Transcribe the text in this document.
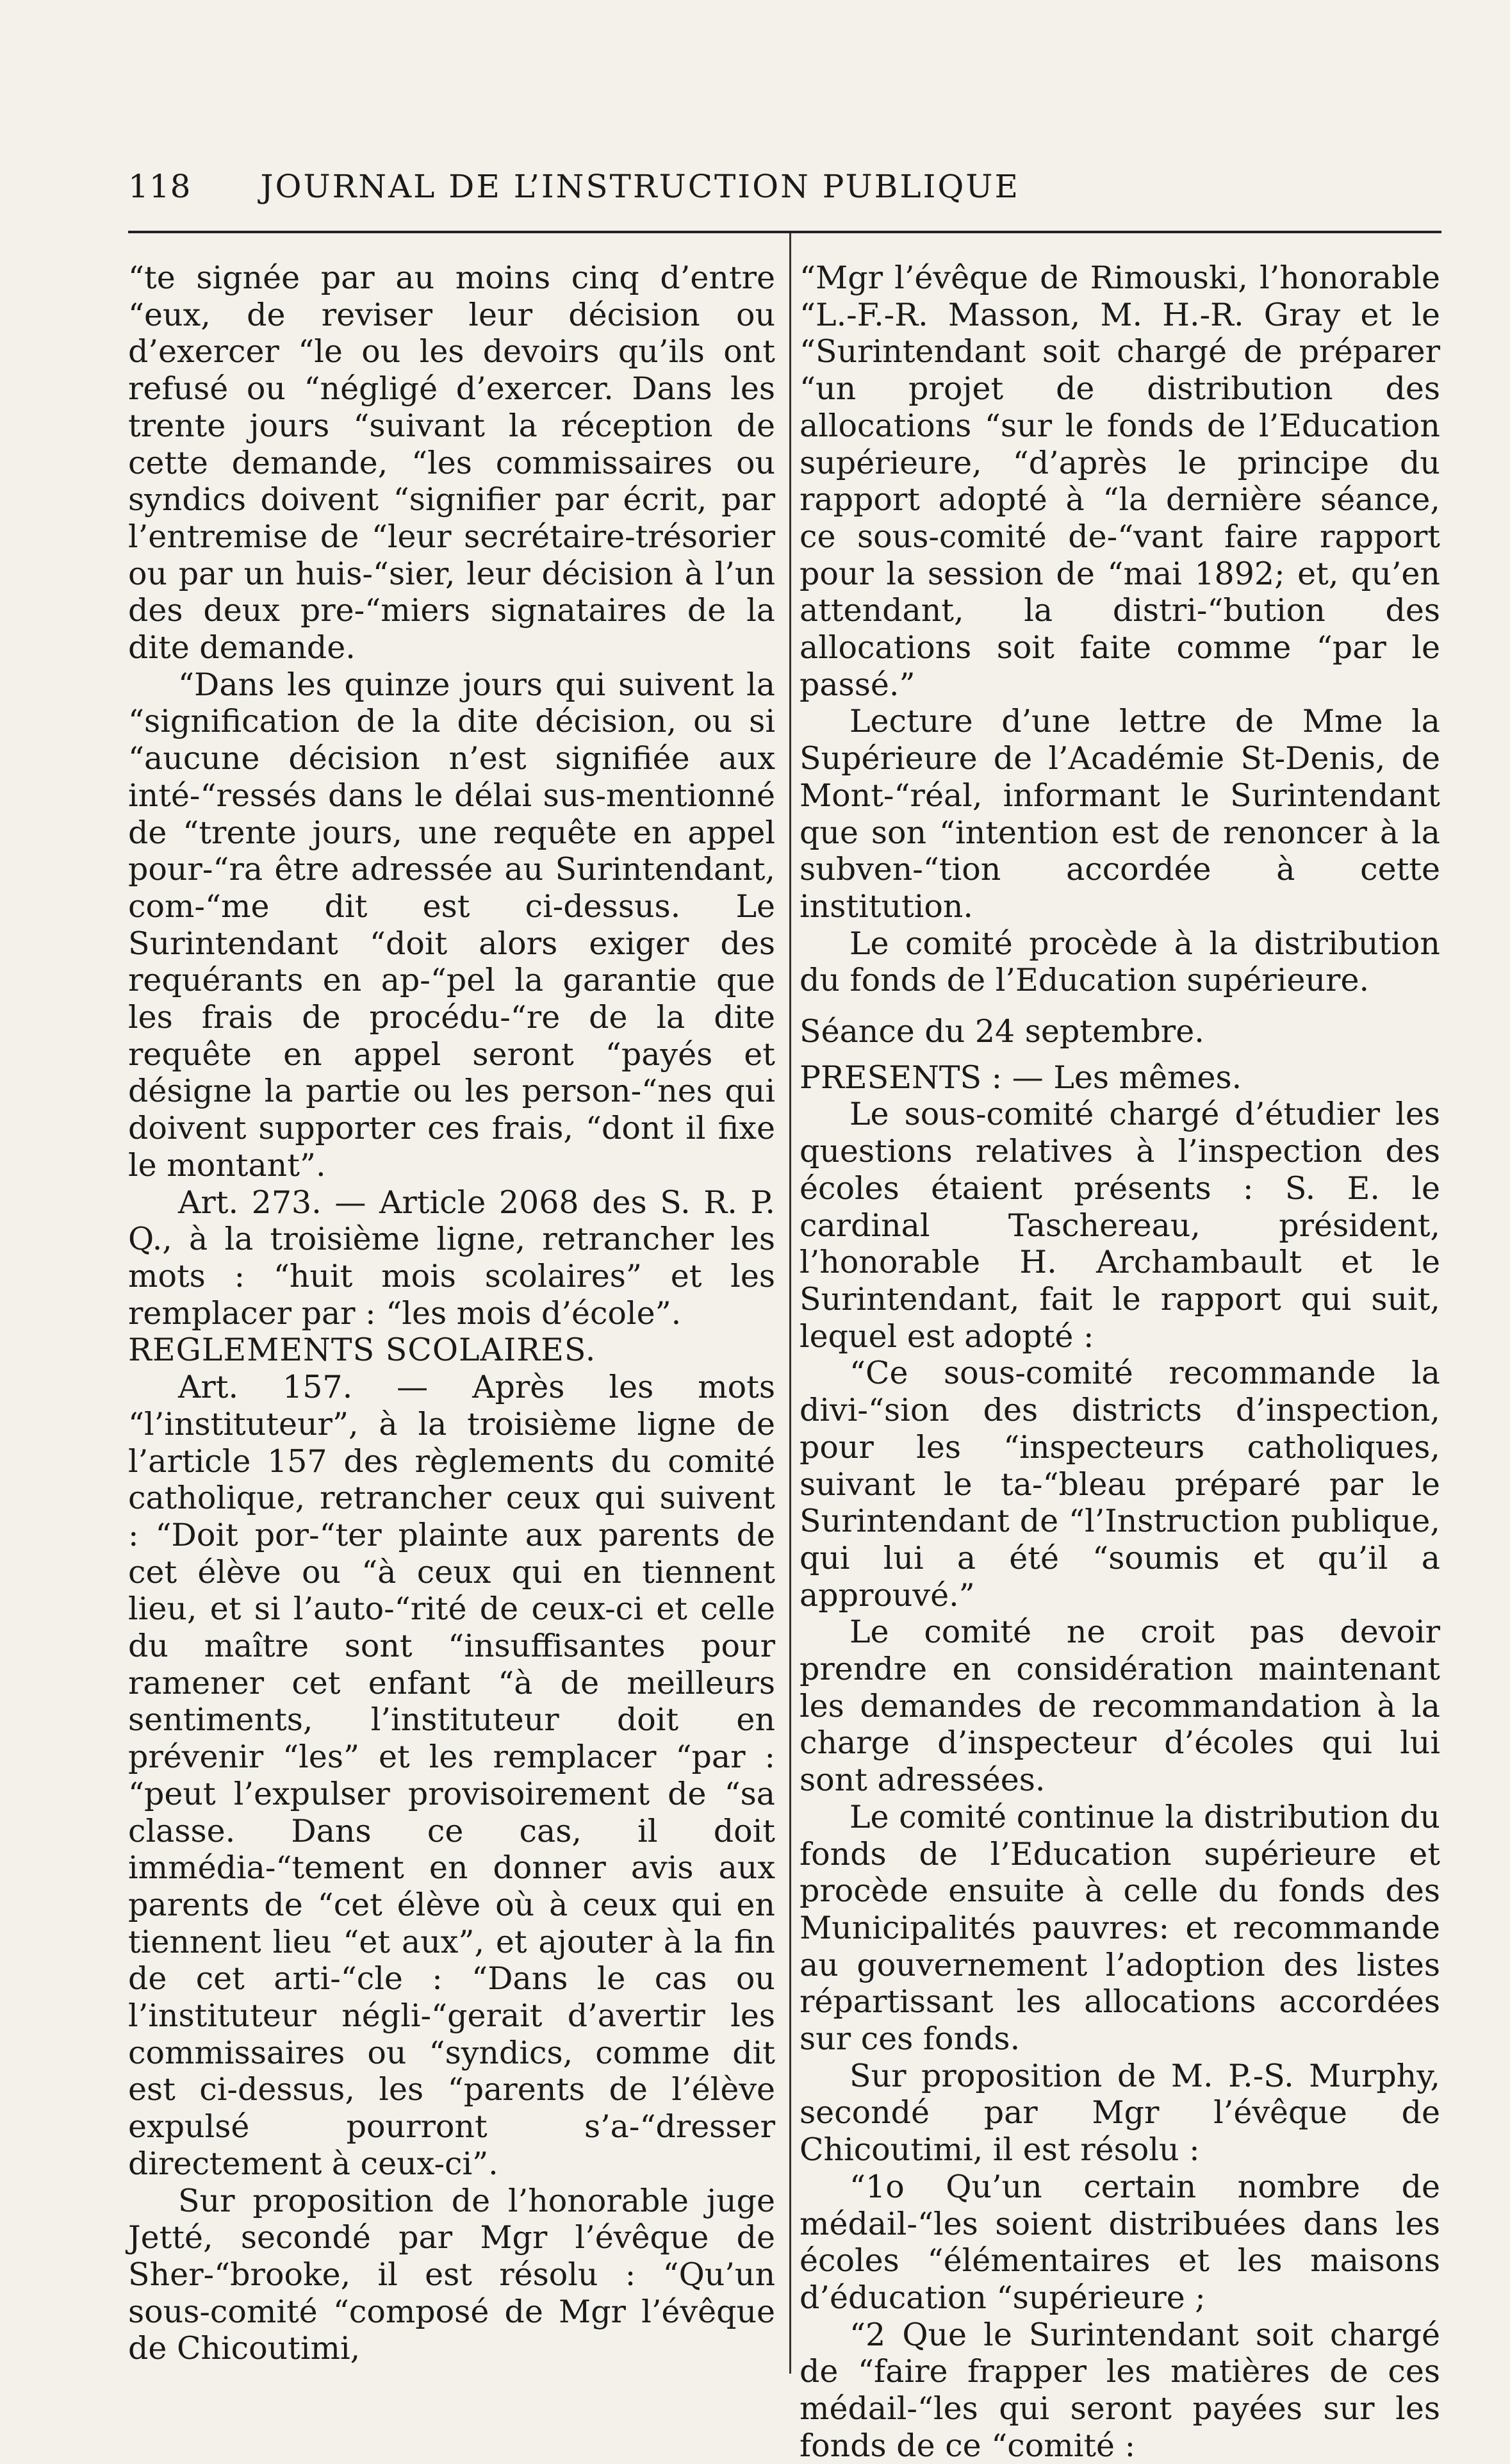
118	JOURNAL DE L’INSTRUCTION PUBLIQUE

“te signée par au moins cinq d’entre “eux, de reviser leur décision ou d’exercer “le ou les devoirs qu’ils ont refusé ou “négligé d’exercer. Dans les trente jours “suivant la réception de cette demande, “les commissaires ou syndics doivent “signifier par écrit, par l’entremise de “leur secrétaire-trésorier ou par un huis-“sier, leur décision à l’un des deux pre-“miers signataires de la dite demande.

“Dans les quinze jours qui suivent la “signification de la dite décision, ou si “aucune décision n’est signifiée aux inté-“ressés dans le délai sus-mentionné de “trente jours, une requête en appel pour-“ra être adressée au Surintendant, com-“me dit est ci-dessus. Le Surintendant “doit alors exiger des requérants en ap-“pel la garantie que les frais de procédu-“re de la dite requête en appel seront “payés et désigne la partie ou les person-“nes qui doivent supporter ces frais, “dont il fixe le montant”.

Art. 273. — Article 2068 des S. R. P. Q., à la troisième ligne, retrancher les mots : “huit mois scolaires” et les remplacer par : “les mois d’école”.

REGLEMENTS SCOLAIRES.

Art. 157. — Après les mots “l’instituteur”, à la troisième ligne de l’article 157 des règlements du comité catholique, retrancher ceux qui suivent : “Doit por-“ter plainte aux parents de cet élève ou “à ceux qui en tiennent lieu, et si l’auto-“rité de ceux-ci et celle du maître sont “insuffisantes pour ramener cet enfant “à de meilleurs sentiments, l’instituteur doit en prévenir “les” et les remplacer “par : “peut l’expulser provisoirement de “sa classe. Dans ce cas, il doit immédia-“tement en donner avis aux parents de “cet élève où à ceux qui en tiennent lieu “et aux”, et ajouter à la fin de cet arti-“cle : “Dans le cas ou l’instituteur négli-“gerait d’avertir les commissaires ou “syndics, comme dit est ci-dessus, les “parents de l’élève expulsé pourront s’a-“dresser directement à ceux-ci”.

Sur proposition de l’honorable juge Jetté, secondé par Mgr l’évêque de Sher-“brooke, il est résolu : “Qu’un sous-comité “composé de Mgr l’évêque de Chicoutimi,

“Mgr l’évêque de Rimouski, l’honorable “L.-F.-R. Masson, M. H.-R. Gray et le “Surintendant soit chargé de préparer “un projet de distribution des allocations “sur le fonds de l’Education supérieure, “d’après le principe du rapport adopté à “la dernière séance, ce sous-comité de-“vant faire rapport pour la session de “mai 1892; et, qu’en attendant, la distri-“bution des allocations soit faite comme “par le passé.”

Lecture d’une lettre de Mme la Supérieure de l’Académie St-Denis, de Mont-“réal, informant le Surintendant que son “intention est de renoncer à la subven-“tion accordée à cette institution.

Le comité procède à la distribution du fonds de l’Education supérieure.

Séance du 24 septembre.

PRESENTS : — Les mêmes.

Le sous-comité chargé d’étudier les questions relatives à l’inspection des écoles étaient présents : S. E. le cardinal Taschereau, président, l’honorable H. Archambault et le Surintendant, fait le rapport qui suit, lequel est adopté :

“Ce sous-comité recommande la divi-“sion des districts d’inspection, pour les “inspecteurs catholiques, suivant le ta-“bleau préparé par le Surintendant de “l’Instruction publique, qui lui a été “soumis et qu’il a approuvé.”

Le comité ne croit pas devoir prendre en considération maintenant les demandes de recommandation à la charge d’inspecteur d’écoles qui lui sont adressées.

Le comité continue la distribution du fonds de l’Education supérieure et procède ensuite à celle du fonds des Municipalités pauvres: et recommande au gouvernement l’adoption des listes répartissant les allocations accordées sur ces fonds.

Sur proposition de M. P.-S. Murphy, secondé par Mgr l’évêque de Chicoutimi, il est résolu :

“1o Qu’un certain nombre de médail-“les soient distribuées dans les écoles “élémentaires et les maisons d’éducation “supérieure ;

“2 Que le Surintendant soit chargé de “faire frapper les matières de ces médail-“les qui seront payées sur les fonds de ce “comité :
